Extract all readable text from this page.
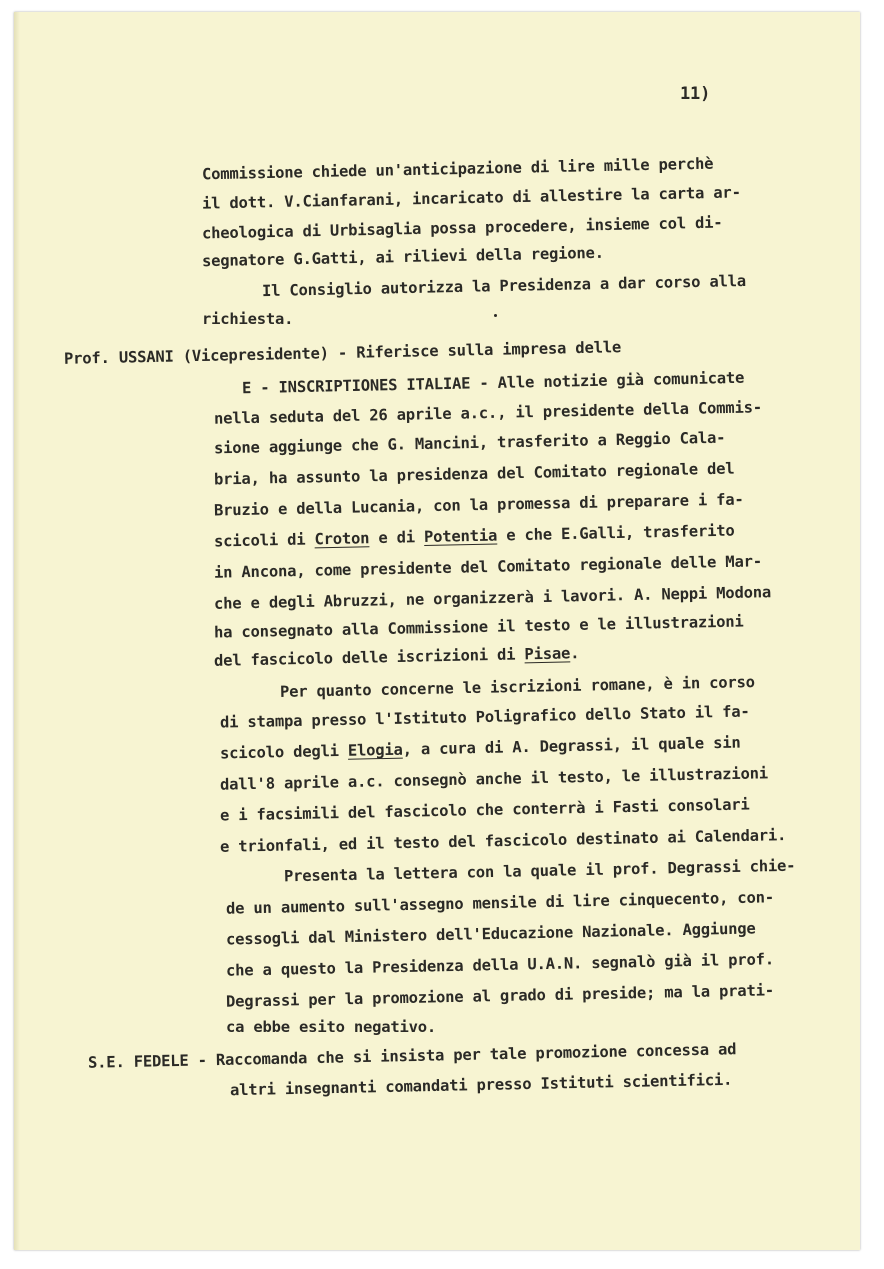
11)
Commissione chiede un'anticipazione di lire mille perchè
il dott. V.Cianfarani, incaricato di allestire la carta ar-
cheologica di Urbisaglia possa procedere, insieme col di-
segnatore G.Gatti, ai rilievi della regione.
Il Consiglio autorizza la Presidenza a dar corso alla
richiesta.
Prof. USSANI (Vicepresidente) - Riferisce sulla impresa delle
E - INSCRIPTIONES ITALIAE - Alle notizie già comunicate
nella seduta del 26 aprile a.c., il presidente della Commis-
sione aggiunge che G. Mancini, trasferito a Reggio Cala-
bria, ha assunto la presidenza del Comitato regionale del
Bruzio e della Lucania, con la promessa di preparare i fa-
scicoli di Croton e di Potentia e che E.Galli, trasferito
in Ancona, come presidente del Comitato regionale delle Mar-
che e degli Abruzzi, ne organizzerà i lavori. A. Neppi Modona
ha consegnato alla Commissione il testo e le illustrazioni
del fascicolo delle iscrizioni di Pisae.
Per quanto concerne le iscrizioni romane, è in corso
di stampa presso l'Istituto Poligrafico dello Stato il fa-
scicolo degli Elogia, a cura di A. Degrassi, il quale sin
dall'8 aprile a.c. consegnò anche il testo, le illustrazioni
e i facsimili del fascicolo che conterrà i Fasti consolari
e trionfali, ed il testo del fascicolo destinato ai Calendari.
Presenta la lettera con la quale il prof. Degrassi chie-
de un aumento sull'assegno mensile di lire cinquecento, con-
cessogli dal Ministero dell'Educazione Nazionale. Aggiunge
che a questo la Presidenza della U.A.N. segnalò già il prof.
Degrassi per la promozione al grado di preside; ma la prati-
ca ebbe esito negativo.
S.E. FEDELE - Raccomanda che si insista per tale promozione concessa ad
altri insegnanti comandati presso Istituti scientifici.
